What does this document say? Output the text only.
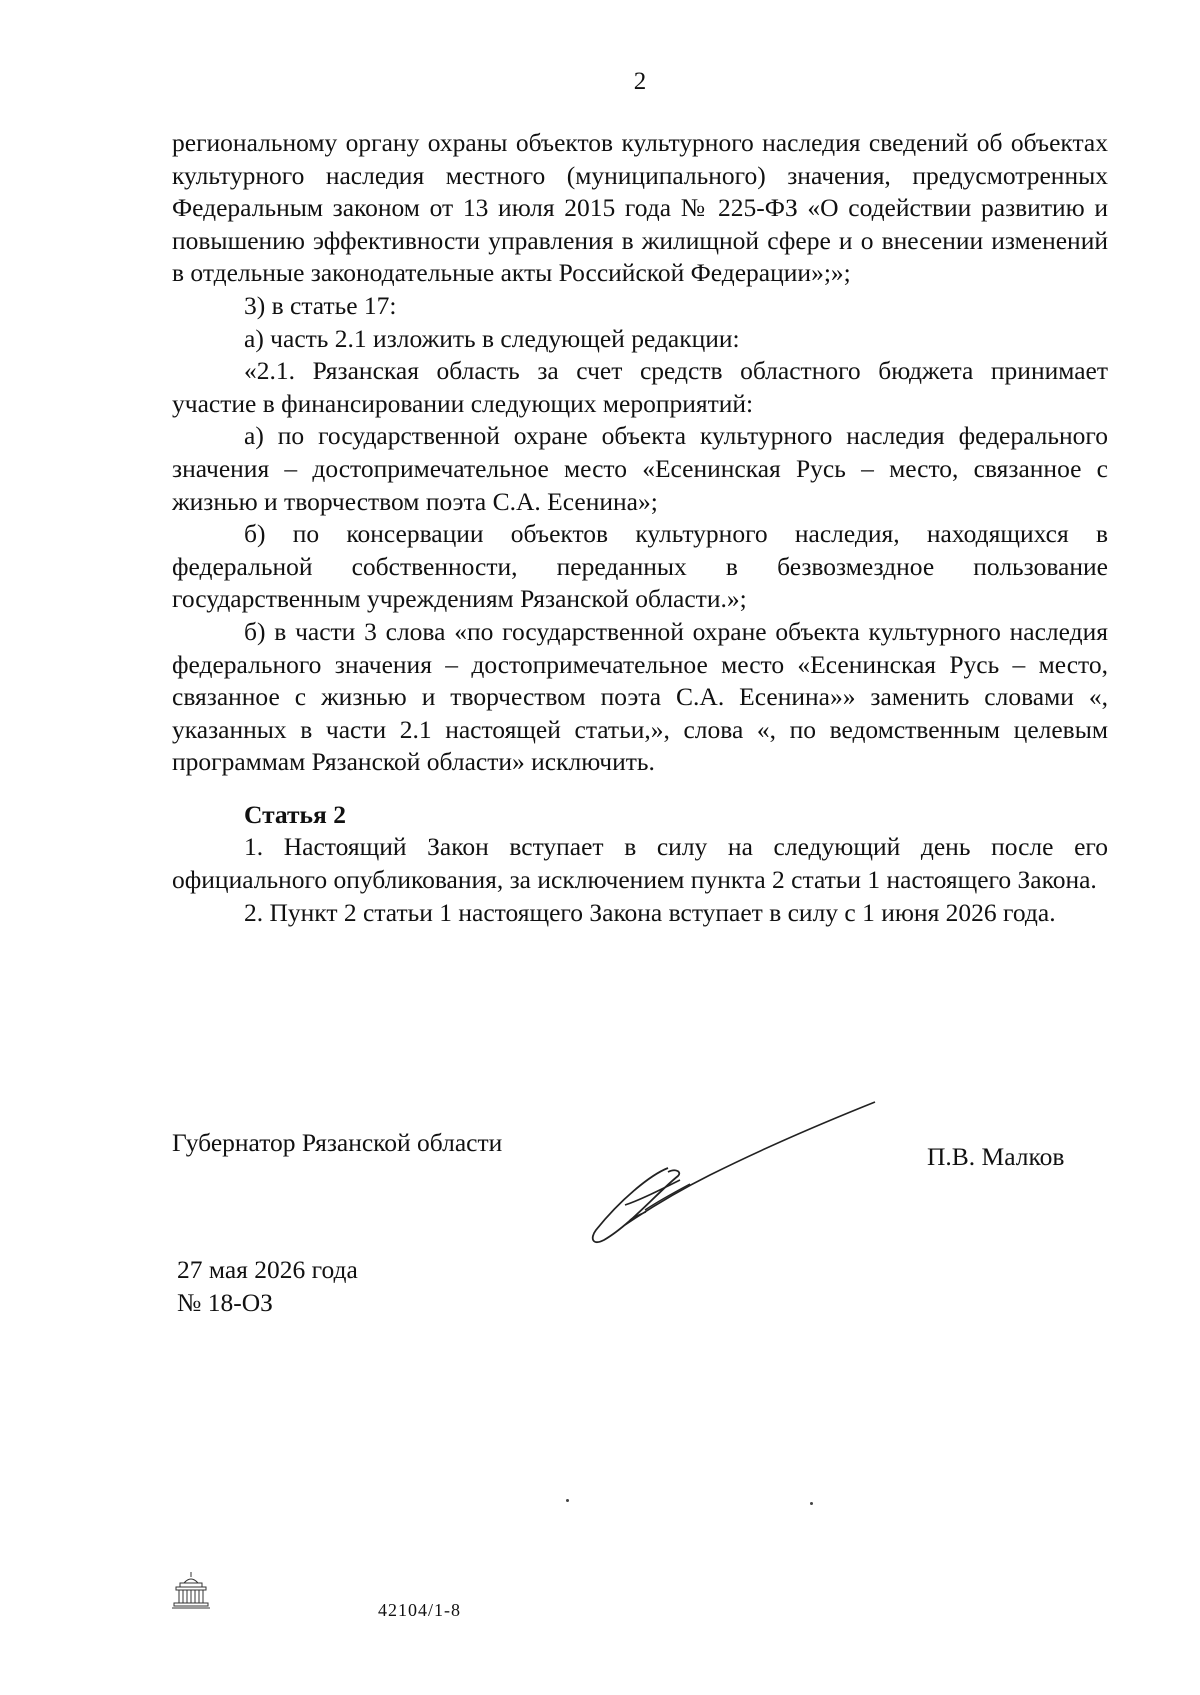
2

региональному органу охраны объектов культурного наследия сведений об объектах культурного наследия местного (муниципального) значения, предусмотренных Федеральным законом от 13 июля 2015 года № 225-ФЗ «О содействии развитию и повышению эффективности управления в жилищной сфере и о внесении изменений в отдельные законодательные акты Российской Федерации»;»;

3) в статье 17:

а) часть 2.1 изложить в следующей редакции:

«2.1. Рязанская область за счет средств областного бюджета принимает участие в финансировании следующих мероприятий:

а) по государственной охране объекта культурного наследия федерального значения – достопримечательное место «Есенинская Русь – место, связанное с жизнью и творчеством поэта С.А. Есенина»;

б) по консервации объектов культурного наследия, находящихся в федеральной собственности, переданных в безвозмездное пользование государственным учреждениям Рязанской области.»;

б) в части 3 слова «по государственной охране объекта культурного наследия федерального значения – достопримечательное место «Есенинская Русь – место, связанное с жизнью и творчеством поэта С.А. Есенина»» заменить словами «, указанных в части 2.1 настоящей статьи,», слова «, по ведомственным целевым программам Рязанской области» исключить.

Статья 2

1. Настоящий Закон вступает в силу на следующий день после его официального опубликования, за исключением пункта 2 статьи 1 настоящего Закона.

2. Пункт 2 статьи 1 настоящего Закона вступает в силу с 1 июня 2026 года.

Губернатор Рязанской области	П.В. Малков
27 мая 2026 года
№ 18-ОЗ
42104/1-8
